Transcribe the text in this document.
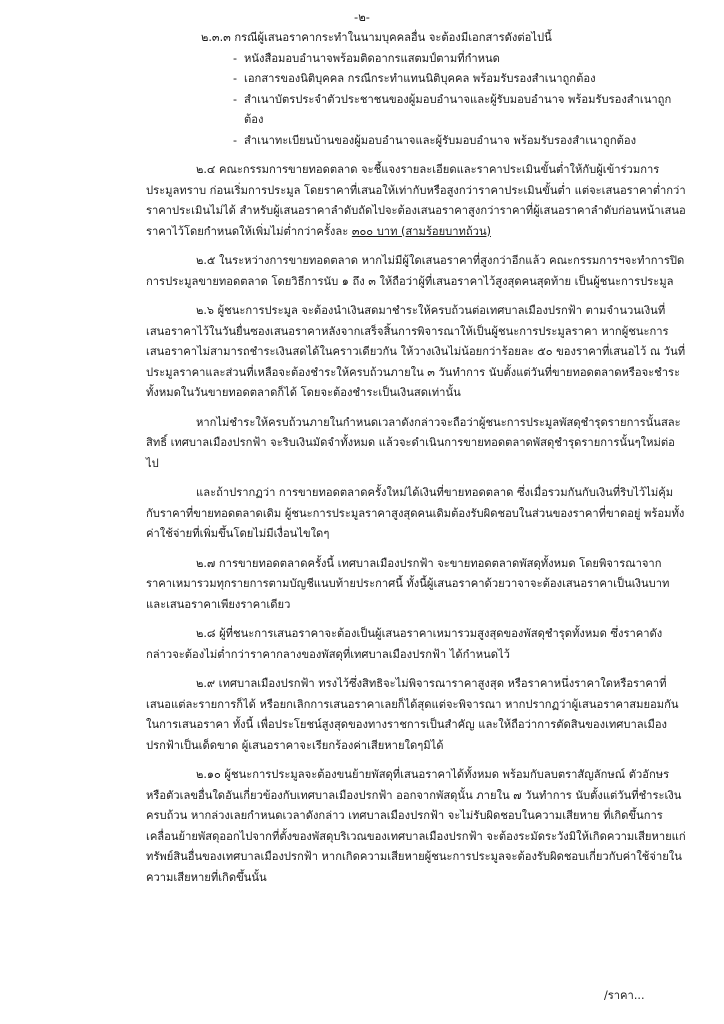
-๒-

๒.๓.๓ กรณีผู้เสนอราคากระทำในนามบุคคลอื่น จะต้องมีเอกสารดังต่อไปนี้

- หนังสือมอบอำนาจพร้อมติดอากรแสตมป์ตามที่กำหนด
- เอกสารของนิติบุคคล กรณีกระทำแทนนิติบุคคล พร้อมรับรองสำเนาถูกต้อง
- สำเนาบัตรประจำตัวประชาชนของผู้มอบอำนาจและผู้รับมอบอำนาจ พร้อมรับรองสำเนาถูกต้อง
- สำเนาทะเบียนบ้านของผู้มอบอำนาจและผู้รับมอบอำนาจ พร้อมรับรองสำเนาถูกต้อง

๒.๔ คณะกรรมการขายทอดตลาด จะชี้แจงรายละเอียดและราคาประเมินขั้นต่ำให้กับผู้เข้าร่วมการประมูลทราบ ก่อนเริ่มการประมูล โดยราคาที่เสนอให้เท่ากับหรือสูงกว่าราคาประเมินขั้นต่ำ แต่จะเสนอราคาต่ำกว่าราคาประเมินไม่ได้ สำหรับผู้เสนอราคาลำดับถัดไปจะต้องเสนอราคาสูงกว่าราคาที่ผู้เสนอราคาลำดับก่อนหน้าเสนอราคาไว้โดยกำหนดให้เพิ่มไม่ต่ำกว่าครั้งละ ๓๐๐ บาท (สามร้อยบาทถ้วน)

๒.๕ ในระหว่างการขายทอดตลาด หากไม่มีผู้ใดเสนอราคาที่สูงกว่าอีกแล้ว คณะกรรมการฯจะทำการปิดการประมูลขายทอดตลาด โดยวิธีการนับ ๑ ถึง ๓ ให้ถือว่าผู้ที่เสนอราคาไว้สูงสุดคนสุดท้าย เป็นผู้ชนะการประมูล

๒.๖ ผู้ชนะการประมูล จะต้องนำเงินสดมาชำระให้ครบถ้วนต่อเทศบาลเมืองปรกฟ้า ตามจำนวนเงินที่เสนอราคาไว้ในวันยื่นซองเสนอราคาหลังจากเสร็จสิ้นการพิจารณาให้เป็นผู้ชนะการประมูลราคา หากผู้ชนะการเสนอราคาไม่สามารถชำระเงินสดได้ในคราวเดียวกัน ให้วางเงินไม่น้อยกว่าร้อยละ ๕๐ ของราคาที่เสนอไว้ ณ วันที่ประมูลราคาและส่วนที่เหลือจะต้องชำระให้ครบถ้วนภายใน ๓ วันทำการ นับตั้งแต่วันที่ขายทอดตลาดหรือจะชำระทั้งหมดในวันขายทอดตลาดก็ได้ โดยจะต้องชำระเป็นเงินสดเท่านั้น

หากไม่ชำระให้ครบถ้วนภายในกำหนดเวลาดังกล่าวจะถือว่าผู้ชนะการประมูลพัสดุชำรุดรายการนั้นสละสิทธิ์ เทศบาลเมืองปรกฟ้า จะริบเงินมัดจำทั้งหมด แล้วจะดำเนินการขายทอดตลาดพัสดุชำรุดรายการนั้นๆใหม่ต่อไป

และถ้าปรากฏว่า การขายทอดตลาดครั้งใหม่ได้เงินที่ขายทอดตลาด ซึ่งเมื่อรวมกันกับเงินที่ริบไว้ไม่คุ้มกับราคาที่ขายทอดตลาดเดิม ผู้ชนะการประมูลราคาสูงสุดคนเดิมต้องรับผิดชอบในส่วนของราคาที่ขาดอยู่ พร้อมทั้งค่าใช้จ่ายที่เพิ่มขึ้นโดยไม่มีเงื่อนไขใดๆ

๒.๗ การขายทอดตลาดครั้งนี้ เทศบาลเมืองปรกฟ้า จะขายทอดตลาดพัสดุทั้งหมด โดยพิจารณาจากราคาเหมารวมทุกรายการตามบัญชีแนบท้ายประกาศนี้ ทั้งนี้ผู้เสนอราคาด้วยวาจาจะต้องเสนอราคาเป็นเงินบาทและเสนอราคาเพียงราคาเดียว

๒.๘ ผู้ที่ชนะการเสนอราคาจะต้องเป็นผู้เสนอราคาเหมารวมสูงสุดของพัสดุชำรุดทั้งหมด ซึ่งราคาดังกล่าวจะต้องไม่ต่ำกว่าราคากลางของพัสดุที่เทศบาลเมืองปรกฟ้า ได้กำหนดไว้

๒.๙ เทศบาลเมืองปรกฟ้า ทรงไว้ซึ่งสิทธิจะไม่พิจารณาราคาสูงสุด หรือราคาหนึ่งราคาใดหรือราคาที่เสนอแต่ละรายการก็ได้ หรือยกเลิกการเสนอราคาเลยก็ได้สุดแต่จะพิจารณา หากปรากฏว่าผู้เสนอราคาสมยอมกันในการเสนอราคา ทั้งนี้ เพื่อประโยชน์สูงสุดของทางราชการเป็นสำคัญ และให้ถือว่าการตัดสินของเทศบาลเมืองปรกฟ้าเป็นเด็ดขาด ผู้เสนอราคาจะเรียกร้องค่าเสียหายใดๆมิได้

๒.๑๐ ผู้ชนะการประมูลจะต้องขนย้ายพัสดุที่เสนอราคาได้ทั้งหมด พร้อมกับลบตราสัญลักษณ์ ตัวอักษร หรือตัวเลขอื่นใดอันเกี่ยวข้องกับเทศบาลเมืองปรกฟ้า ออกจากพัสดุนั้น ภายใน ๗ วันทำการ นับตั้งแต่วันที่ชำระเงินครบถ้วน หากล่วงเลยกำหนดเวลาดังกล่าว เทศบาลเมืองปรกฟ้า จะไม่รับผิดชอบในความเสียหาย ที่เกิดขึ้นการเคลื่อนย้ายพัสดุออกไปจากที่ตั้งของพัสดุบริเวณของเทศบาลเมืองปรกฟ้า จะต้องระมัดระวังมิให้เกิดความเสียหายแก่ทรัพย์สินอื่นของเทศบาลเมืองปรกฟ้า หากเกิดความเสียหายผู้ชนะการประมูลจะต้องรับผิดชอบเกี่ยวกับค่าใช้จ่ายในความเสียหายที่เกิดขึ้นนั้น

/ราคา...
